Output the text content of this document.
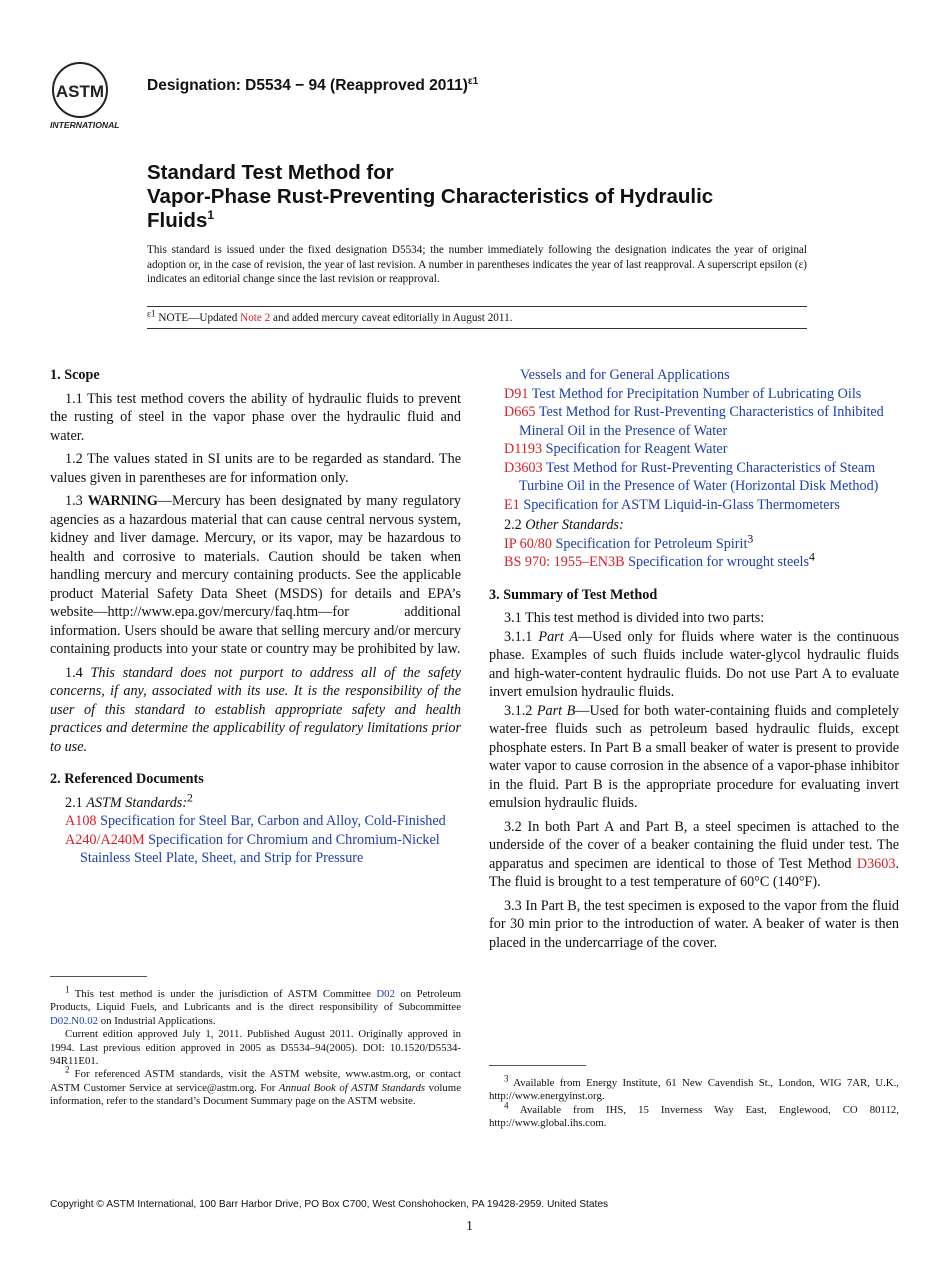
ASTM
INTERNATIONAL
Designation: D5534 − 94 (Reapproved 2011)$^{\varepsilon 1}$
Standard Test Method for
Vapor-Phase Rust-Preventing Characteristics of Hydraulic
Fluids$^1$
This standard is issued under the fixed designation D5534; the number immediately following the designation indicates the year of original adoption or, in the case of revision, the year of last revision. A number in parentheses indicates the year of last reapproval. A superscript epsilon (ε) indicates an editorial change since the last revision or reapproval.
$^{\varepsilon 1}$ NOTE—Updated Note 2 and added mercury caveat editorially in August 2011.
1. Scope

1.1 This test method covers the ability of hydraulic fluids to prevent the rusting of steel in the vapor phase over the hydraulic fluid and water.

1.2 The values stated in SI units are to be regarded as standard. The values given in parentheses are for information only.

1.3 WARNING—Mercury has been designated by many regulatory agencies as a hazardous material that can cause central nervous system, kidney and liver damage. Mercury, or its vapor, may be hazardous to health and corrosive to materials. Caution should be taken when handling mercury and mercury containing products. See the applicable product Material Safety Data Sheet (MSDS) for details and EPA’s website—http://www.epa.gov/mercury/faq.htm—for additional information. Users should be aware that selling mercury and/or mercury containing products into your state or country may be prohibited by law.

1.4 This standard does not purport to address all of the safety concerns, if any, associated with its use. It is the responsibility of the user of this standard to establish appropriate safety and health practices and determine the applicability of regulatory limitations prior to use.

2. Referenced Documents

2.1 ASTM Standards:$^2$

A108 Specification for Steel Bar, Carbon and Alloy, Cold-Finished

A240/A240M Specification for Chromium and Chromium-Nickel Stainless Steel Plate, Sheet, and Strip for Pressure

$^1$ This test method is under the jurisdiction of ASTM Committee D02 on Petroleum Products, Liquid Fuels, and Lubricants and is the direct responsibility of Subcommittee D02.N0.02 on Industrial Applications.

Current edition approved July 1, 2011. Published August 2011. Originally approved in 1994. Last previous edition approved in 2005 as D5534–94(2005). DOI: 10.1520/D5534-94R11E01.

$^2$ For referenced ASTM standards, visit the ASTM website, www.astm.org, or contact ASTM Customer Service at service@astm.org. For Annual Book of ASTM Standards volume information, refer to the standard’s Document Summary page on the ASTM website.

Vessels and for General Applications

D91 Test Method for Precipitation Number of Lubricating Oils

D665 Test Method for Rust-Preventing Characteristics of Inhibited Mineral Oil in the Presence of Water

D1193 Specification for Reagent Water

D3603 Test Method for Rust-Preventing Characteristics of Steam Turbine Oil in the Presence of Water (Horizontal Disk Method)

E1 Specification for ASTM Liquid-in-Glass Thermometers

2.2 Other Standards:

IP 60/80 Specification for Petroleum Spirit$^3$

BS 970: 1955–EN3B Specification for wrought steels$^4$

3. Summary of Test Method

3.1 This test method is divided into two parts:

3.1.1 Part A—Used only for fluids where water is the continuous phase. Examples of such fluids include water-glycol hydraulic fluids and high-water-content hydraulic fluids. Do not use Part A to evaluate invert emulsion hydraulic fluids.

3.1.2 Part B—Used for both water-containing fluids and completely water-free fluids such as petroleum based hydraulic fluids, except phosphate esters. In Part B a small beaker of water is present to provide water vapor to cause corrosion in the absence of a vapor-phase inhibitor in the fluid. Part B is the appropriate procedure for evaluating invert emulsion hydraulic fluids.

3.2 In both Part A and Part B, a steel specimen is attached to the underside of the cover of a beaker containing the fluid under test. The apparatus and specimen are identical to those of Test Method D3603. The fluid is brought to a test temperature of 60°C (140°F).

3.3 In Part B, the test specimen is exposed to the vapor from the fluid for 30 min prior to the introduction of water. A beaker of water is then placed in the undercarriage of the cover.

$^3$ Available from Energy Institute, 61 New Cavendish St., London, WIG 7AR, U.K., http://www.energyinst.org.

$^4$ Available from IHS, 15 Inverness Way East, Englewood, CO 80112, http://www.global.ihs.com.

Copyright © ASTM International, 100 Barr Harbor Drive, PO Box C700, West Conshohocken, PA 19428-2959. United States
1
